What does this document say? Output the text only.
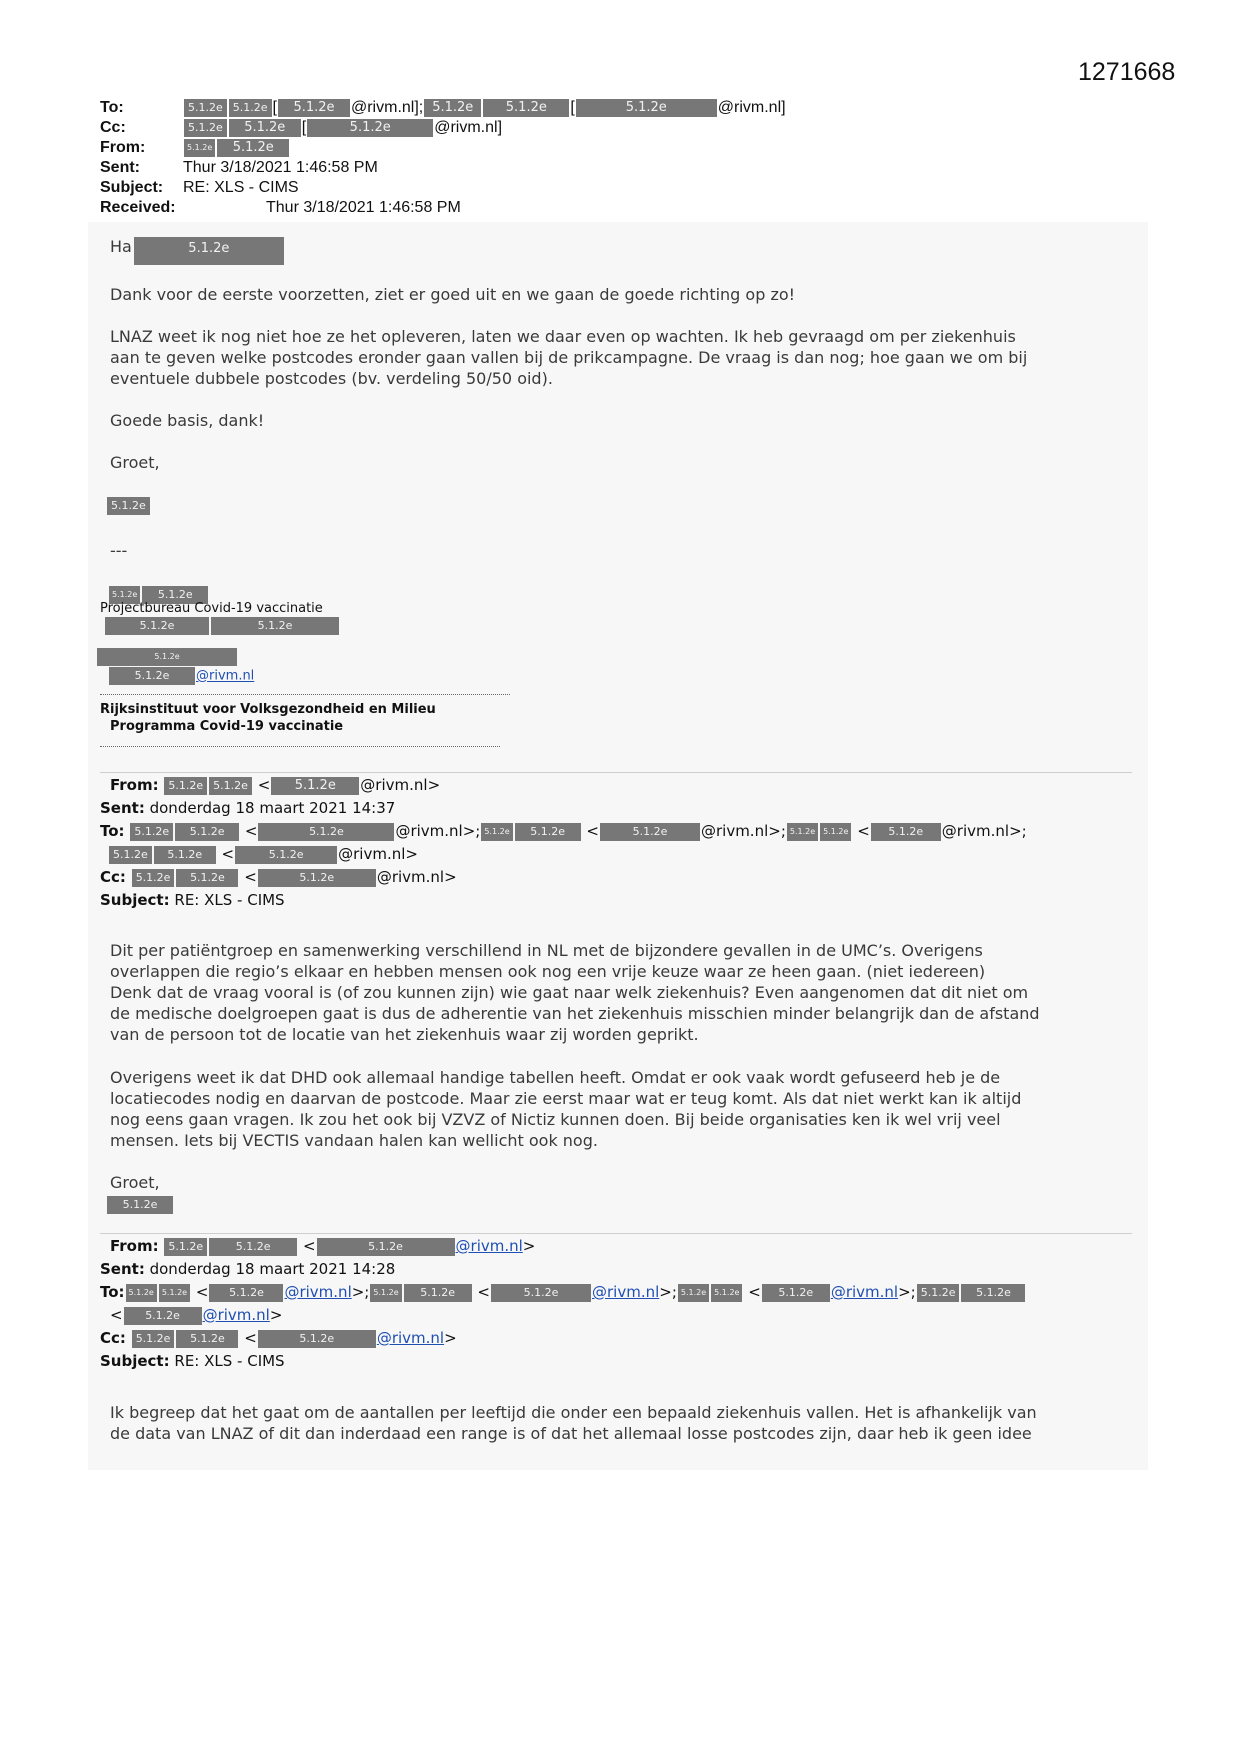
1271668
To:	5.1.2e 5.1.2e [ 5.1.2e @rivm.nl]; 5.1.2e 5.1.2e [	5.1.2e	@rivm.nl]
Cc:	5.1.2e 5.1.2e [	5.1.2e	@rivm.nl]
From:	5.1.2e 5.1.2e
Sent:	Thur 3/18/2021 1:46:58 PM
Subject: RE: XLS - CIMS
Received:	Thur 3/18/2021 1:46:58 PM
Ha	5.1.2e
Dank voor de eerste voorzetten, ziet er goed uit en we gaan de goede richting op zo!

LNAZ weet ik nog niet hoe ze het opleveren, laten we daar even op wachten. Ik heb gevraagd om per ziekenhuis

aan te geven welke postcodes eronder gaan vallen bij de prikcampagne. De vraag is dan nog; hoe gaan we om bij

eventuele dubbele postcodes (bv. verdeling 50/50 oid).

Goede basis, dank!
Groet,
5.1.2e
---
5.1.2e 5.1.2e
Projectbureau Covid-19 vaccinatie
5.1.2e	5.1.2e
5.1.2e
5.1.2e @rivm.nl
Rijksinstituut voor Volksgezondheid en Milieu
Programma Covid-19 vaccinatie
From: 5.1.2e 5.1.2e < 5.1.2e @rivm.nl>
Sent: donderdag 18 maart 2021 14:37
To: 5.1.2e 5.1.2e <	5.1.2e	@rivm.nl>; 5.1.2e 5.1.2e <	5.1.2e @rivm.nl>; 5.1.2e 5.1.2e < 5.1.2e @rivm.nl>;
5.1.2e 5.1.2e <	5.1.2e @rivm.nl>
Cc: 5.1.2e 5.1.2e <	5.1.2e	@rivm.nl>
Subject: RE: XLS - CIMS

Dit per patiëntgroep en samenwerking verschillend in NL met de bijzondere gevallen in de UMC’s. Overigens

overlappen die regio’s elkaar en hebben mensen ook nog een vrije keuze waar ze heen gaan. (niet iedereen)

Denk dat de vraag vooral is (of zou kunnen zijn) wie gaat naar welk ziekenhuis? Even aangenomen dat dit niet om

de medische doelgroepen gaat is dus de adherentie van het ziekenhuis misschien minder belangrijk dan de afstand

van de persoon tot de locatie van het ziekenhuis waar zij worden geprikt.

Overigens weet ik dat DHD ook allemaal handige tabellen heeft. Omdat er ook vaak wordt gefuseerd heb je de

locatiecodes nodig en daarvan de postcode. Maar zie eerst maar wat er teug komt. Als dat niet werkt kan ik altijd

nog eens gaan vragen. Ik zou het ook bij VZVZ of Nictiz kunnen doen. Bij beide organisaties ken ik wel vrij veel

mensen. Iets bij VECTIS vandaan halen kan wellicht ook nog.

Groet,
5.1.2e
From: 5.1.2e	5.1.2e <	5.1.2e	@rivm.nl>
Sent: donderdag 18 maart 2021 14:28
To: 5.1.2e 5.1.2e < 5.1.2e @rivm.nl>; 5.1.2e 5.1.2e <	5.1.2e @rivm.nl>; 5.1.2e 5.1.2e < 5.1.2e @rivm.nl>; 5.1.2e 5.1.2e
< 5.1.2e @rivm.nl>
Cc: 5.1.2e 5.1.2e <	5.1.2e	@rivm.nl>
Subject: RE: XLS - CIMS

Ik begreep dat het gaat om de aantallen per leeftijd die onder een bepaald ziekenhuis vallen. Het is afhankelijk van

de data van LNAZ of dit dan inderdaad een range is of dat het allemaal losse postcodes zijn, daar heb ik geen idee
